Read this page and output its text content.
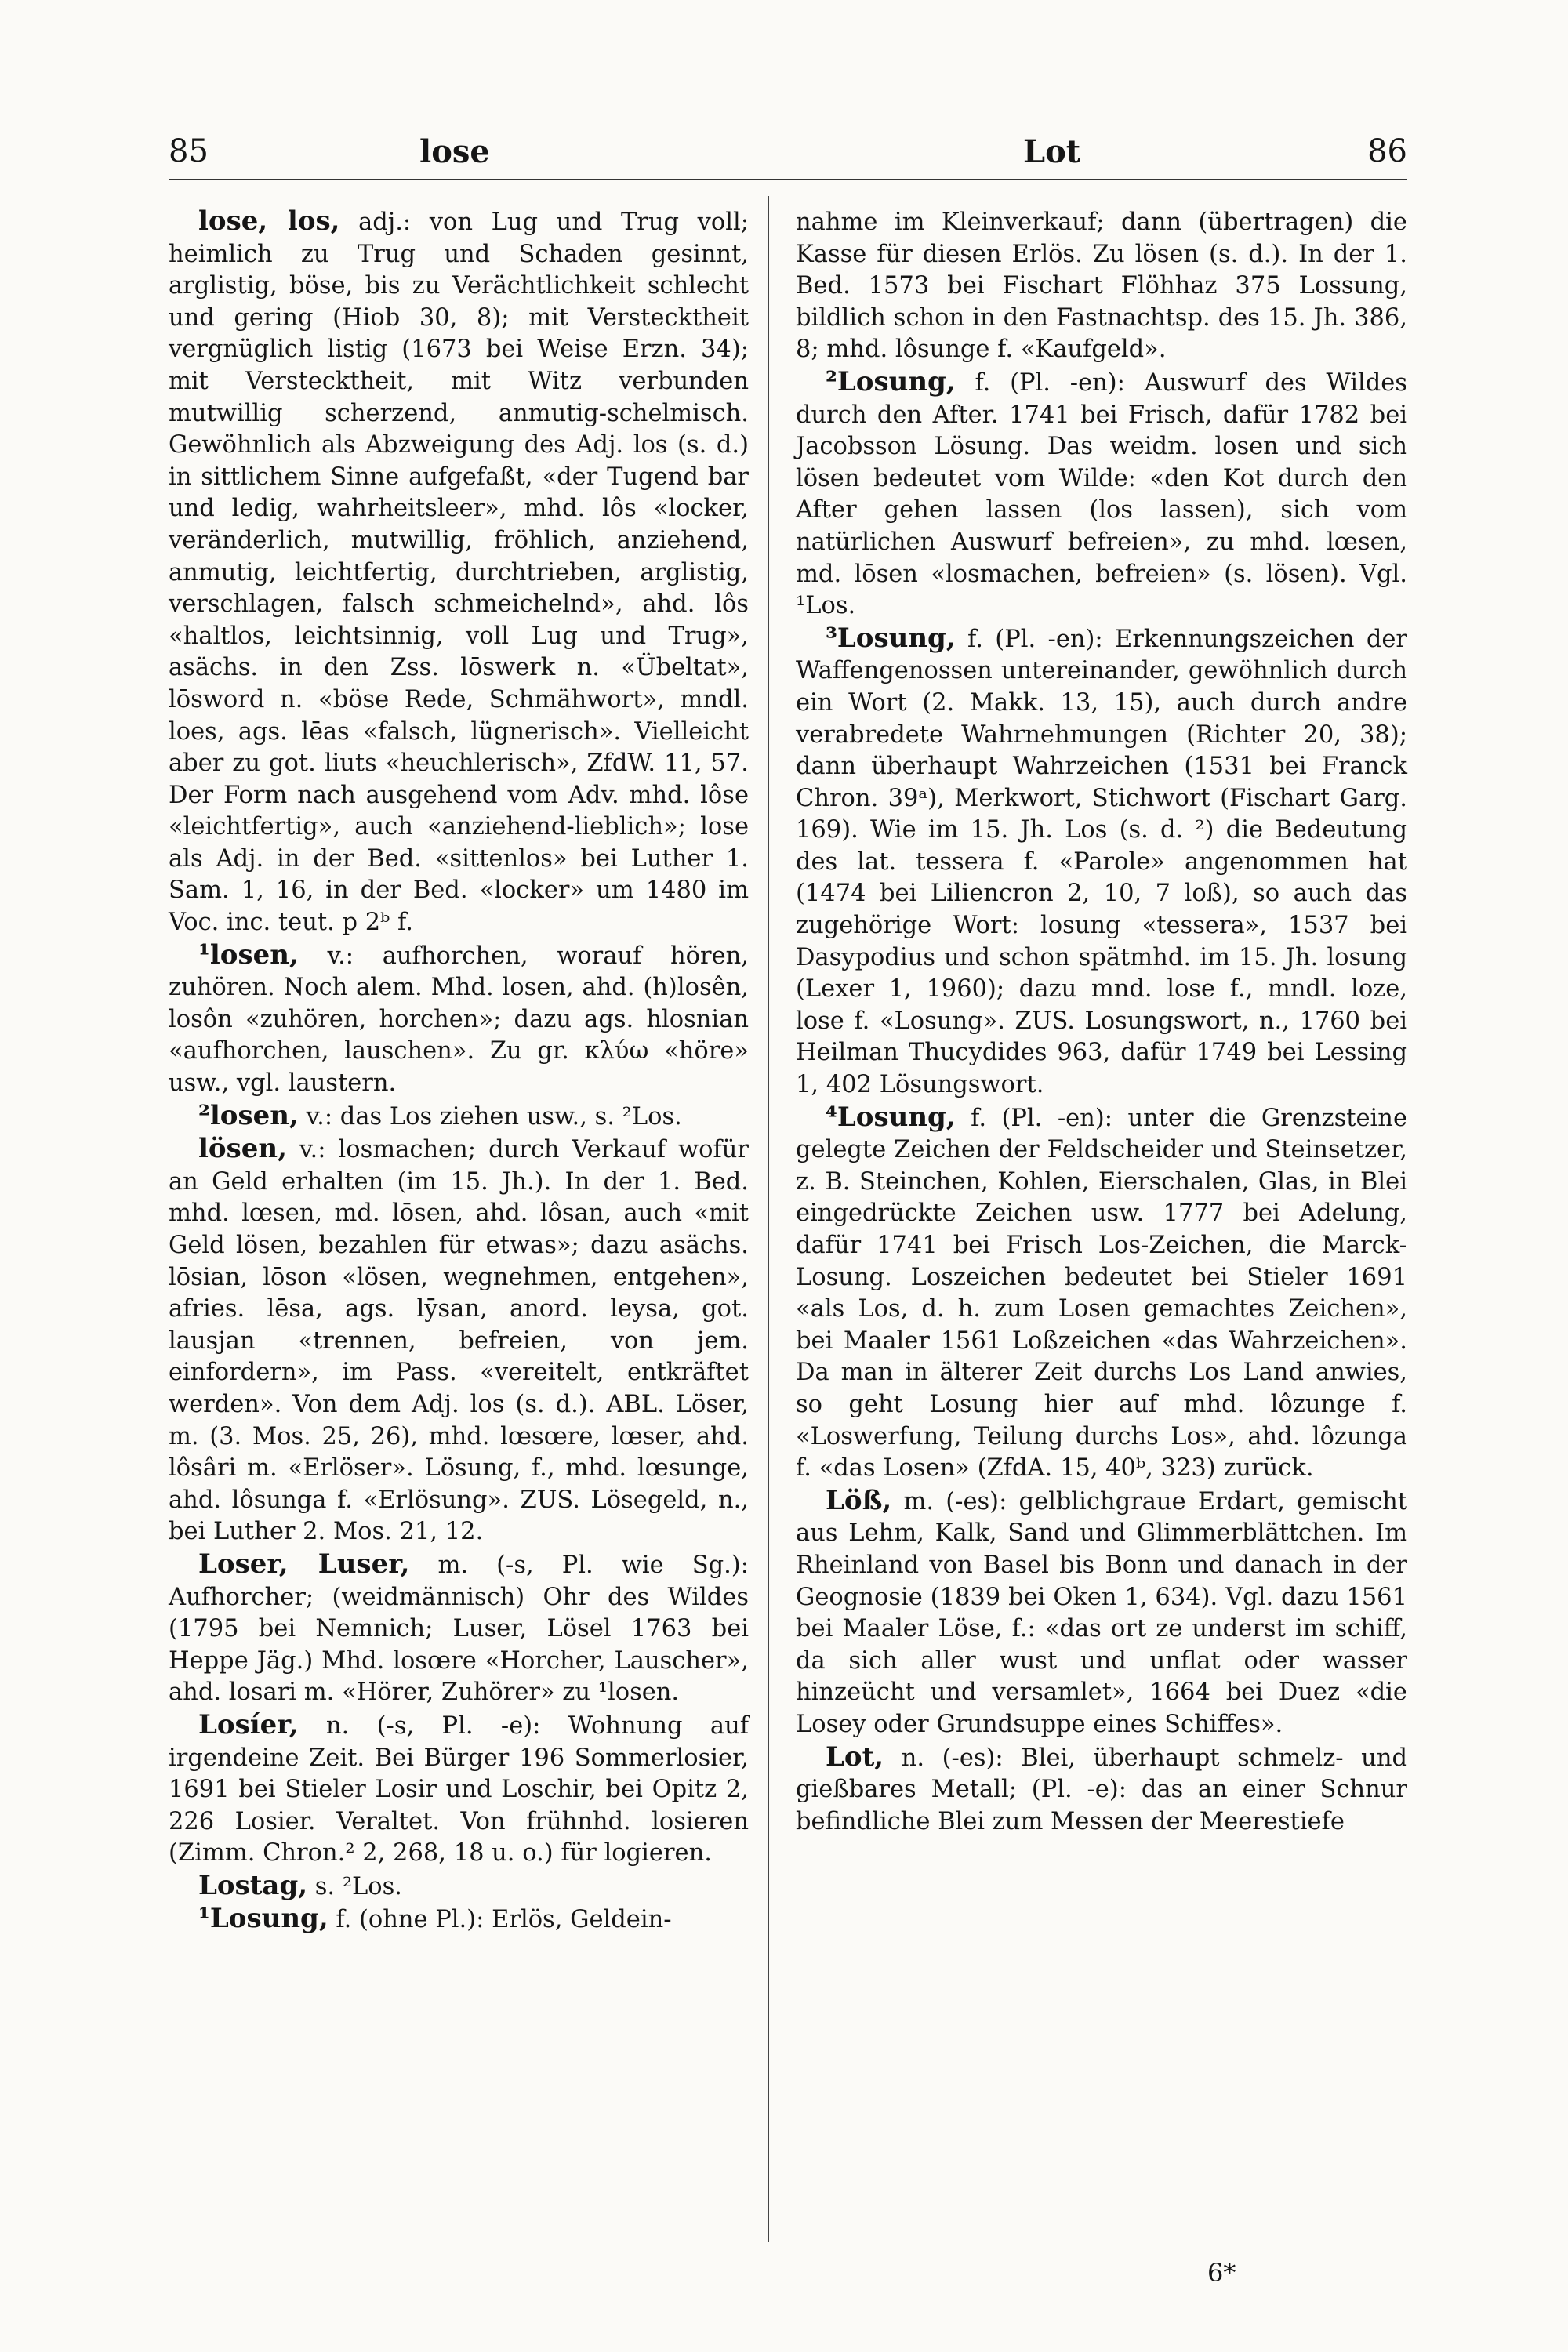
85	lose	Lot	86

lose, los, adj.: von Lug und Trug voll; heimlich zu Trug und Schaden gesinnt, arglistig, böse, bis zu Verächtlichkeit schlecht und gering (Hiob 30, 8); mit Verstecktheit vergnüglich listig (1673 bei Weise Erzn. 34); mit Verstecktheit, mit Witz verbunden mutwillig scherzend, anmutig-schelmisch. Gewöhnlich als Abzweigung des Adj. los (s. d.) in sittlichem Sinne aufgefaßt, «der Tugend bar und ledig, wahrheitsleer», mhd. lôs «locker, veränderlich, mutwillig, fröhlich, anziehend, anmutig, leichtfertig, durchtrieben, arglistig, verschlagen, falsch schmeichelnd», ahd. lôs «haltlos, leichtsinnig, voll Lug und Trug», asächs. in den Zss. lōswerk n. «Übeltat», lōsword n. «böse Rede, Schmähwort», mndl. loes, ags. lēas «falsch, lügnerisch». Vielleicht aber zu got. liuts «heuchlerisch», ZfdW. 11, 57. Der Form nach ausgehend vom Adv. mhd. lôse «leichtfertig», auch «anziehend-lieblich»; lose als Adj. in der Bed. «sittenlos» bei Luther 1. Sam. 1, 16, in der Bed. «locker» um 1480 im Voc. inc. teut. p 2ᵇ f.

¹losen, v.: aufhorchen, worauf hören, zuhören. Noch alem. Mhd. losen, ahd. (h)losên, losôn «zuhören, horchen»; dazu ags. hlosnian «aufhorchen, lauschen». Zu gr. κλύω «höre» usw., vgl. laustern.

²losen, v.: das Los ziehen usw., s. ²Los.

lösen, v.: losmachen; durch Verkauf wofür an Geld erhalten (im 15. Jh.). In der 1. Bed. mhd. lœsen, md. lōsen, ahd. lôsan, auch «mit Geld lösen, bezahlen für etwas»; dazu asächs. lōsian, lōson «lösen, wegnehmen, entgehen», afries. lēsa, ags. lȳsan, anord. leysa, got. lausjan «trennen, befreien, von jem. einfordern», im Pass. «vereitelt, entkräftet werden». Von dem Adj. los (s. d.). ABL. Löser, m. (3. Mos. 25, 26), mhd. lœsœre, lœser, ahd. lôsâri m. «Erlöser». Lösung, f., mhd. lœsunge, ahd. lôsunga f. «Erlösung». ZUS. Lösegeld, n., bei Luther 2. Mos. 21, 12.

Loser, Luser, m. (-s, Pl. wie Sg.): Aufhorcher; (weidmännisch) Ohr des Wildes (1795 bei Nemnich; Luser, Lösel 1763 bei Heppe Jäg.) Mhd. losœre «Horcher, Lauscher», ahd. losari m. «Hörer, Zuhörer» zu ¹losen.

Losíer, n. (-s, Pl. -e): Wohnung auf irgendeine Zeit. Bei Bürger 196 Sommerlosier, 1691 bei Stieler Losir und Loschir, bei Opitz 2, 226 Losier. Veraltet. Von frühnhd. losieren (Zimm. Chron.² 2, 268, 18 u. o.) für logieren.

Lostag, s. ²Los.

¹Losung, f. (ohne Pl.): Erlös, Geldein-

nahme im Kleinverkauf; dann (übertragen) die Kasse für diesen Erlös. Zu lösen (s. d.). In der 1. Bed. 1573 bei Fischart Flöhhaz 375 Lossung, bildlich schon in den Fastnachtsp. des 15. Jh. 386, 8; mhd. lôsunge f. «Kaufgeld».

²Losung, f. (Pl. -en): Auswurf des Wildes durch den After. 1741 bei Frisch, dafür 1782 bei Jacobsson Lösung. Das weidm. losen und sich lösen bedeutet vom Wilde: «den Kot durch den After gehen lassen (los lassen), sich vom natürlichen Auswurf befreien», zu mhd. lœsen, md. lōsen «losmachen, befreien» (s. lösen). Vgl. ¹Los.

³Losung, f. (Pl. -en): Erkennungszeichen der Waffengenossen untereinander, gewöhnlich durch ein Wort (2. Makk. 13, 15), auch durch andre verabredete Wahrnehmungen (Richter 20, 38); dann überhaupt Wahrzeichen (1531 bei Franck Chron. 39ᵃ), Merkwort, Stichwort (Fischart Garg. 169). Wie im 15. Jh. Los (s. d. ²) die Bedeutung des lat. tessera f. «Parole» angenommen hat (1474 bei Liliencron 2, 10, 7 loß), so auch das zugehörige Wort: losung «tessera», 1537 bei Dasypodius und schon spätmhd. im 15. Jh. losung (Lexer 1, 1960); dazu mnd. lose f., mndl. loze, lose f. «Losung». ZUS. Losungswort, n., 1760 bei Heilman Thucydides 963, dafür 1749 bei Lessing 1, 402 Lösungswort.

⁴Losung, f. (Pl. -en): unter die Grenzsteine gelegte Zeichen der Feldscheider und Steinsetzer, z. B. Steinchen, Kohlen, Eierschalen, Glas, in Blei eingedrückte Zeichen usw. 1777 bei Adelung, dafür 1741 bei Frisch Los-Zeichen, die Marck-Losung. Loszeichen bedeutet bei Stieler 1691 «als Los, d. h. zum Losen gemachtes Zeichen», bei Maaler 1561 Loßzeichen «das Wahrzeichen». Da man in älterer Zeit durchs Los Land anwies, so geht Losung hier auf mhd. lôzunge f. «Loswerfung, Teilung durchs Los», ahd. lôzunga f. «das Losen» (ZfdA. 15, 40ᵇ, 323) zurück.

Löß, m. (-es): gelblichgraue Erdart, gemischt aus Lehm, Kalk, Sand und Glimmerblättchen. Im Rheinland von Basel bis Bonn und danach in der Geognosie (1839 bei Oken 1, 634). Vgl. dazu 1561 bei Maaler Löse, f.: «das ort ze underst im schiff, da sich aller wust und unflat oder wasser hinzeücht und versamlet», 1664 bei Duez «die Losey oder Grundsuppe eines Schiffes».

Lot, n. (-es): Blei, überhaupt schmelz- und gießbares Metall; (Pl. -e): das an einer Schnur befindliche Blei zum Messen der Meerestiefe

6*
